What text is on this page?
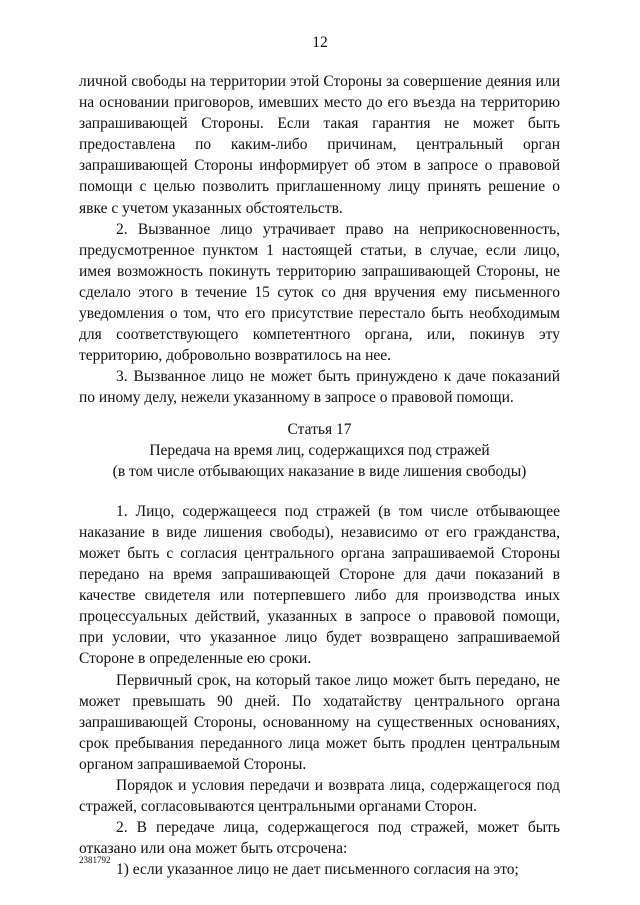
12

личной свободы на территории этой Стороны за совершение деяния или на основании приговоров, имевших место до его въезда на территорию запрашивающей Стороны. Если такая гарантия не может быть предоставлена по каким-либо причинам, центральный орган запрашивающей Стороны информирует об этом в запросе о правовой помощи с целью позволить приглашенному лицу принять решение о явке с учетом указанных обстоятельств.

2. Вызванное лицо утрачивает право на неприкосновенность, предусмотренное пунктом 1 настоящей статьи, в случае, если лицо, имея возможность покинуть территорию запрашивающей Стороны, не сделало этого в течение 15 суток со дня вручения ему письменного уведомления о том, что его присутствие перестало быть необходимым для соответствующего компетентного органа, или, покинув эту территорию, добровольно возвратилось на нее.

3. Вызванное лицо не может быть принуждено к даче показаний по иному делу, нежели указанному в запросе о правовой помощи.

Статья 17

Передача на время лиц, содержащихся под стражей

(в том числе отбывающих наказание в виде лишения свободы)

1. Лицо, содержащееся под стражей (в том числе отбывающее наказание в виде лишения свободы), независимо от его гражданства, может быть с согласия центрального органа запрашиваемой Стороны передано на время запрашивающей Стороне для дачи показаний в качестве свидетеля или потерпевшего либо для производства иных процессуальных действий, указанных в запросе о правовой помощи, при условии, что указанное лицо будет возвращено запрашиваемой Стороне в определенные ею сроки.

Первичный срок, на который такое лицо может быть передано, не может превышать 90 дней. По ходатайству центрального органа запрашивающей Стороны, основанному на существенных основаниях, срок пребывания переданного лица может быть продлен центральным органом запрашиваемой Стороны.

Порядок и условия передачи и возврата лица, содержащегося под стражей, согласовываются центральными органами Сторон.

2. В передаче лица, содержащегося под стражей, может быть отказано или она может быть отсрочена:

1) если указанное лицо не дает письменного согласия на это;

2381792
